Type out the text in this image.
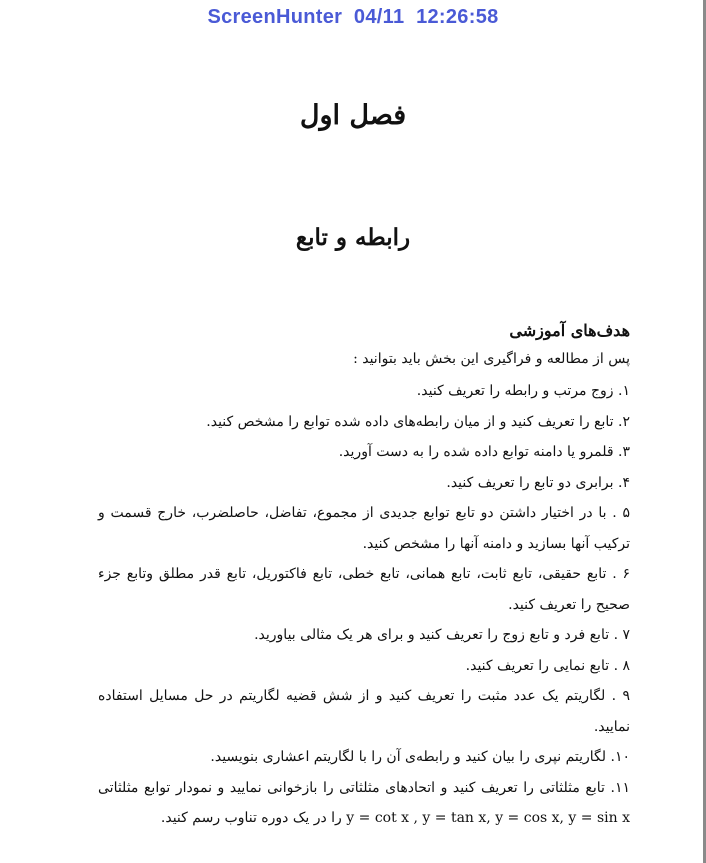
ScreenHunter  04/11  12:26:58
فصل اول
رابطه و تابع
هدف‌های آموزشی

پس از مطالعه و فراگیری این بخش باید بتوانید :

۱. زوج مرتب و رابطه را تعریف کنید.
۲. تابع را تعریف کنید و از میان رابطه‌های داده شده توابع را مشخص کنید.
۳. قلمرو یا دامنه توابع داده شده را به دست آورید.
۴. برابری دو تابع را تعریف کنید.
۵ . با در اختیار داشتن دو تابع توابع جدیدی از مجموع، تفاضل، حاصلضرب، خارج قسمت و ترکیب آنها بسازید و دامنه آنها را مشخص کنید.
۶ . تابع حقیقی، تابع ثابت، تابع همانی، تابع خطی، تابع فاکتوریل، تابع قدر مطلق وتابع جزء صحیح را تعریف کنید.
۷ . تابع فرد و تابع زوج را تعریف کنید و برای هر یک مثالی بیاورید.
۸ . تابع نمایی را تعریف کنید.
۹ . لگاریتم یک عدد مثبت را تعریف کنید و از شش قضیه لگاریتم در حل مسایل استفاده نمایید.
۱۰. لگاریتم نپری را بیان کنید و رابطه‌ی آن را با لگاریتم اعشاری بنویسید.
۱۱. تابع مثلثاتی را تعریف کنید و اتحادهای مثلثاتی را بازخوانی نمایید و نمودار توابع مثلثاتی y = cot x , y = tan x, y = cos x, y = sin x را در یک دوره تناوب رسم کنید.
